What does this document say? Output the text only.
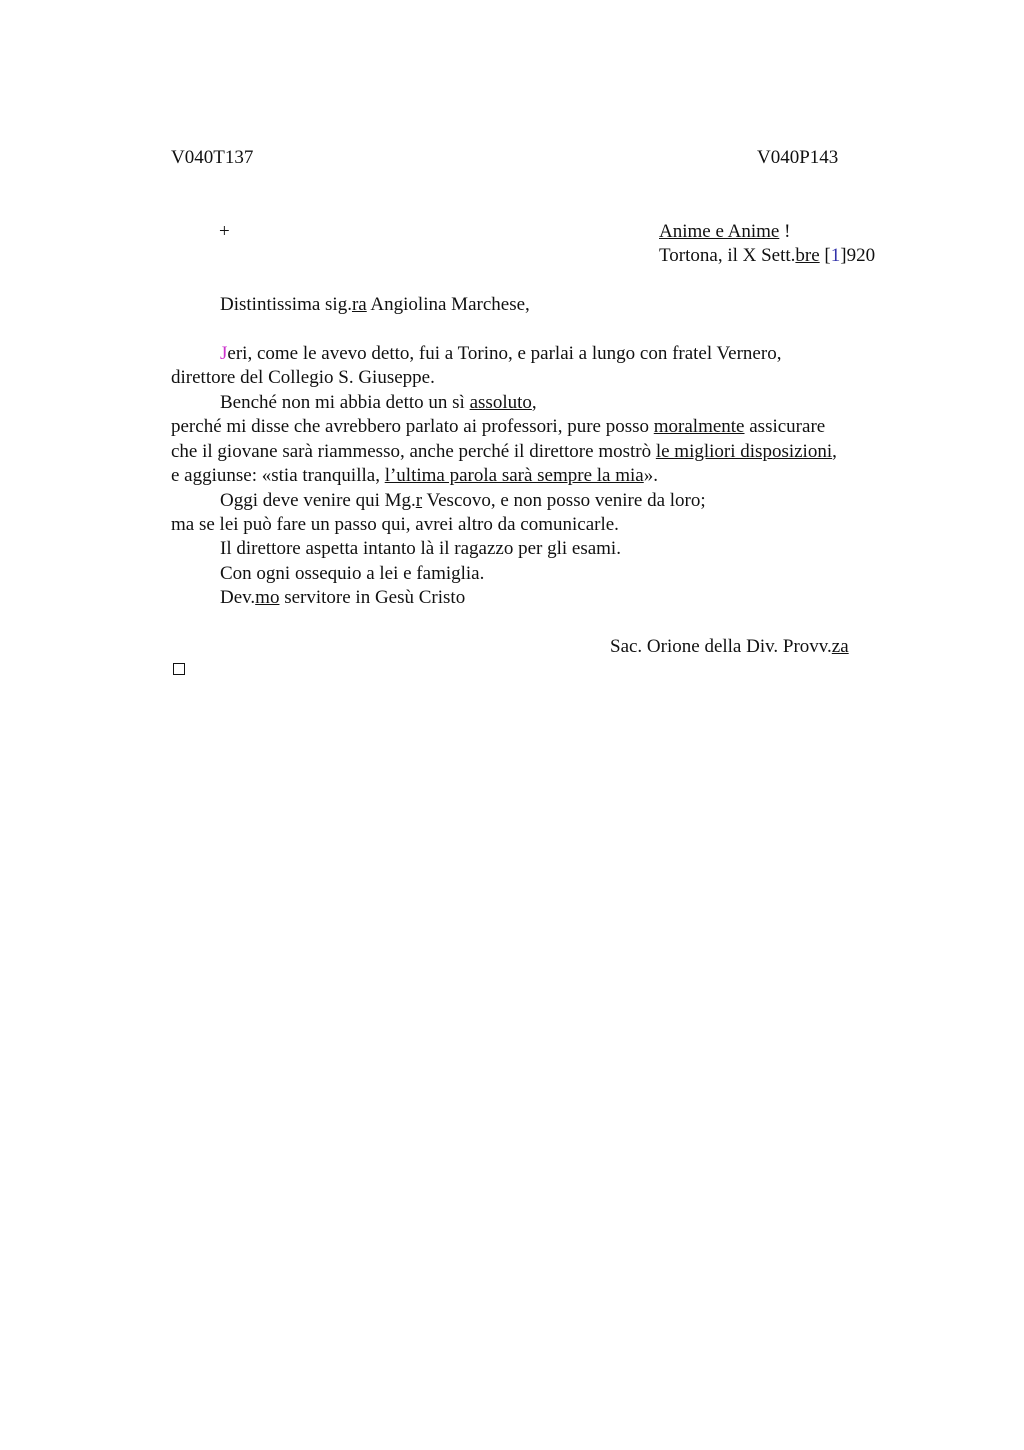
V040T137	V040P143
+	Anime e Anime !
Tortona, il X Sett.bre [1]920
Distintissima sig.ra Angiolina Marchese,
Jeri, come le avevo detto, fui a Torino, e parlai a lungo con fratel Vernero,
direttore del Collegio S. Giuseppe.
Benché non mi abbia detto un sì assoluto,
perché mi disse che avrebbero parlato ai professori, pure posso moralmente assicurare
che il giovane sarà riammesso, anche perché il direttore mostrò le migliori disposizioni,
e aggiunse: «stia tranquilla, l’ultima parola sarà sempre la mia».
Oggi deve venire qui Mg.r Vescovo, e non posso venire da loro;
ma se lei può fare un passo qui, avrei altro da comunicarle.
Il direttore aspetta intanto là il ragazzo per gli esami.
Con ogni ossequio a lei e famiglia.
Dev.mo servitore in Gesù Cristo
Sac. Orione della Div. Provv.za
